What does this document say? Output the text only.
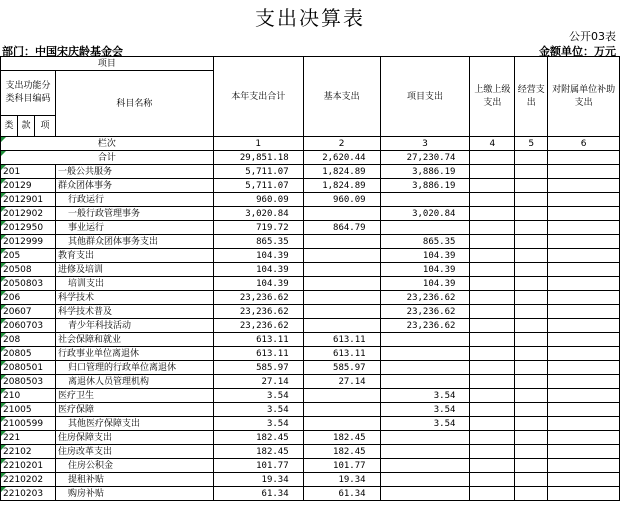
支出决算表
公开03表
部门：中国宋庆龄基金会	金额单位：万元
项目				本年支出合计	基本支出	项目支出	上缴上级支出	经营支出	对附属单位补助支出
支出功能分类科目编码			科目名称						
类	款	项							
栏次				1	2	3	4	5	6
合计				29,851.18	2,620.44	27,230.74			
201			一般公共服务	5,711.07	1,824.89	3,886.19			
20129			群众团体事务	5,711.07	1,824.89	3,886.19			
2012901			行政运行	960.09	960.09				
2012902			一般行政管理事务	3,020.84		3,020.84			
2012950			事业运行	719.72	864.79				
2012999			其他群众团体事务支出	865.35		865.35			
205			教育支出	104.39		104.39			
20508			进修及培训	104.39		104.39			
2050803			培训支出	104.39		104.39			
206			科学技术	23,236.62		23,236.62			
20607			科学技术普及	23,236.62		23,236.62			
2060703			青少年科技活动	23,236.62		23,236.62			
208			社会保障和就业	613.11	613.11				
20805			行政事业单位离退休	613.11	613.11				
2080501			归口管理的行政单位离退休	585.97	585.97				
2080503			离退休人员管理机构	27.14	27.14				
210			医疗卫生	3.54		3.54			
21005			医疗保障	3.54		3.54			
2100599			其他医疗保障支出	3.54		3.54			
221			住房保障支出	182.45	182.45				
22102			住房改革支出	182.45	182.45				
2210201			住房公积金	101.77	101.77				
2210202			提租补贴	19.34	19.34				
2210203			购房补贴	61.34	61.34				
